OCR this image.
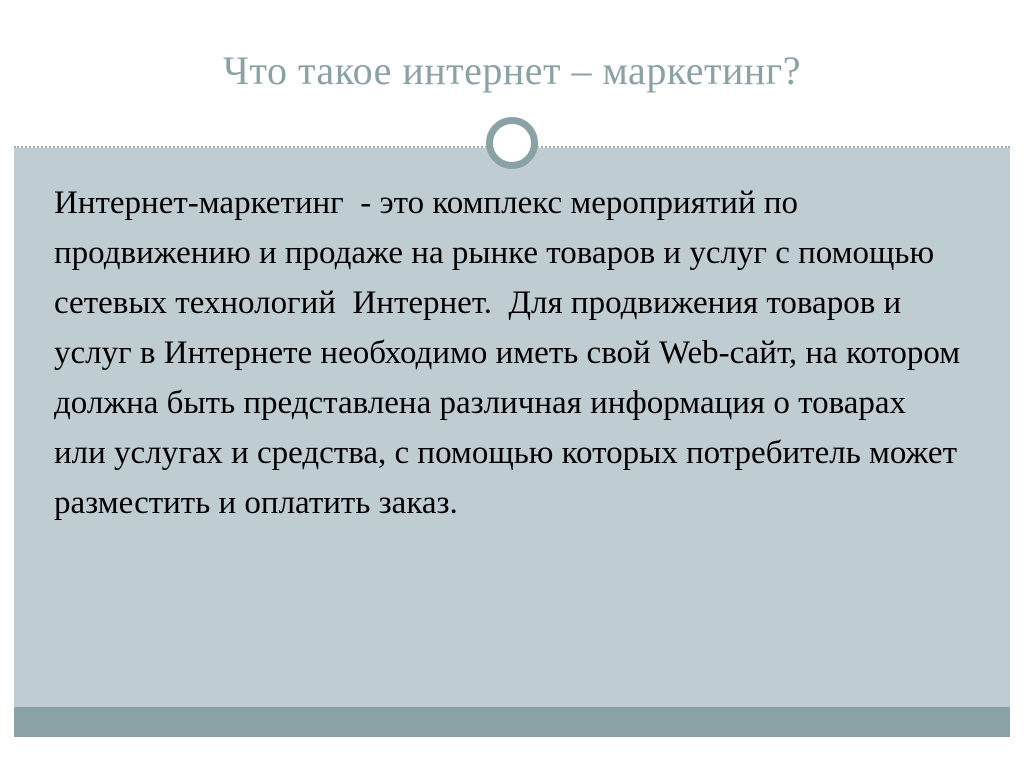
Что такое интернет – маркетинг?
Интернет-маркетинг  - это комплекс мероприятий по продвижению и продаже на рынке товаров и услуг с помощью сетевых технологий  Интернет.  Для продвижения товаров и услуг в Интернете необходимо иметь свой Web-сайт, на котором должна быть представлена различная информация о товарах или услугах и средства, с помощью которых потребитель может разместить и оплатить заказ.
